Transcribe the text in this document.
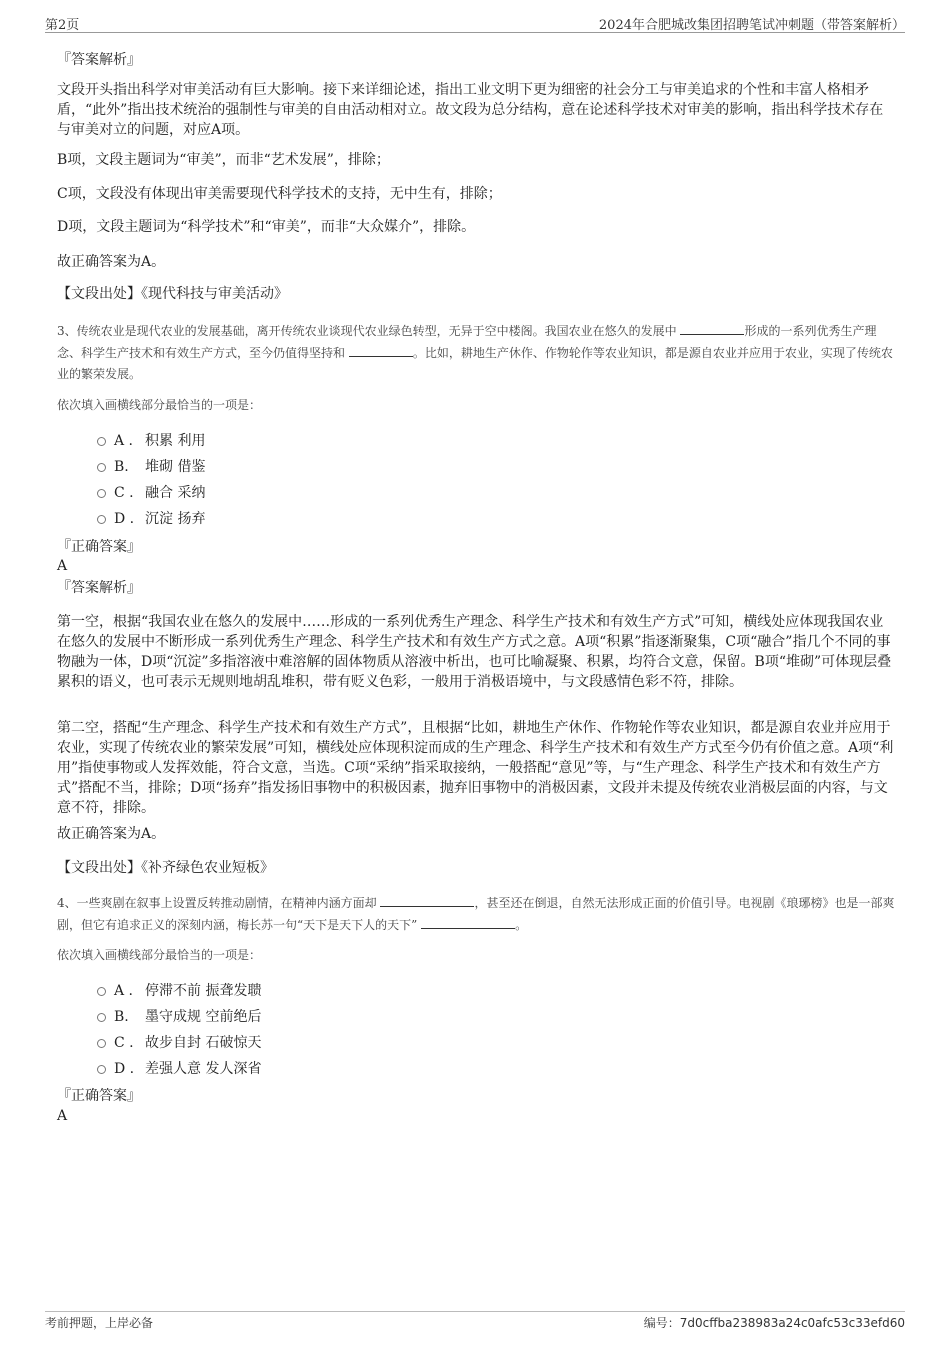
第2页	2024年合肥城改集团招聘笔试冲刺题（带答案解析）
『答案解析』
文段开头指出科学对审美活动有巨大影响。接下来详细论述，指出工业文明下更为细密的社会分工与审美追求的个性和丰富人格相矛盾，“此外”指出技术统治的强制性与审美的自由活动相对立。故文段为总分结构，意在论述科学技术对审美的影响，指出科学技术存在与审美对立的问题，对应A项。
B项，文段主题词为“审美”，而非“艺术发展”，排除；
C项，文段没有体现出审美需要现代科学技术的支持，无中生有，排除；
D项，文段主题词为“科学技术”和“审美”，而非“大众媒介”，排除。
故正确答案为A。
【文段出处】《现代科技与审美活动》
3、传统农业是现代农业的发展基础，离开传统农业谈现代农业绿色转型，无异于空中楼阁。我国农业在悠久的发展中	形成的一系列优秀生产理念、科学生产技术和有效生产方式，至今仍值得坚持和	。比如，耕地生产休作、作物轮作等农业知识，都是源自农业并应用于农业，实现了传统农业的繁荣发展。
依次填入画横线部分最恰当的一项是：
A . 积累 利用
B. 堆砌 借鉴
C . 融合 采纳
D . 沉淀 扬弃
『正确答案』
A
『答案解析』
第一空，根据“我国农业在悠久的发展中……形成的一系列优秀生产理念、科学生产技术和有效生产方式”可知，横线处应体现我国农业在悠久的发展中不断形成一系列优秀生产理念、科学生产技术和有效生产方式之意。A项“积累”指逐渐聚集，C项“融合”指几个不同的事物融为一体，D项“沉淀”多指溶液中难溶解的固体物质从溶液中析出，也可比喻凝聚、积累，均符合文意，保留。B项“堆砌”可体现层叠累积的语义，也可表示无规则地胡乱堆积，带有贬义色彩，一般用于消极语境中，与文段感情色彩不符，排除。
第二空，搭配“生产理念、科学生产技术和有效生产方式”，且根据“比如，耕地生产休作、作物轮作等农业知识，都是源自农业并应用于农业，实现了传统农业的繁荣发展”可知，横线处应体现积淀而成的生产理念、科学生产技术和有效生产方式至今仍有价值之意。A项“利用”指使事物或人发挥效能，符合文意，当选。C项“采纳”指采取接纳，一般搭配“意见”等，与“生产理念、科学生产技术和有效生产方式”搭配不当，排除；D项“扬弃”指发扬旧事物中的积极因素，抛弃旧事物中的消极因素，文段并未提及传统农业消极层面的内容，与文意不符，排除。
故正确答案为A。
【文段出处】《补齐绿色农业短板》
4、一些爽剧在叙事上设置反转推动剧情，在精神内涵方面却	，甚至还在倒退，自然无法形成正面的价值引导。电视剧《琅琊榜》也是一部爽剧，但它有追求正义的深刻内涵，梅长苏一句“天下是天下人的天下”	。
依次填入画横线部分最恰当的一项是：
A . 停滞不前 振聋发聩
B. 墨守成规 空前绝后
C . 故步自封 石破惊天
D . 差强人意 发人深省
『正确答案』
A
考前押题，上岸必备	编号：7d0cffba238983a24c0afc53c33efd60
